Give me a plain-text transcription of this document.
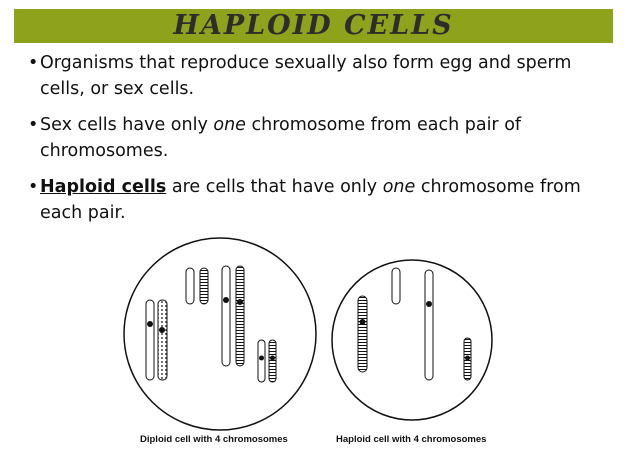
HAPLOID CELLS
• Organisms that reproduce sexually also form egg and sperm cells, or sex cells.
• Sex cells have only one chromosome from each pair of chromosomes.
• Haploid cells are cells that have only one chromosome from each pair.
Diploid cell with 4 chromosomes	Haploid cell with 4 chromosomes
